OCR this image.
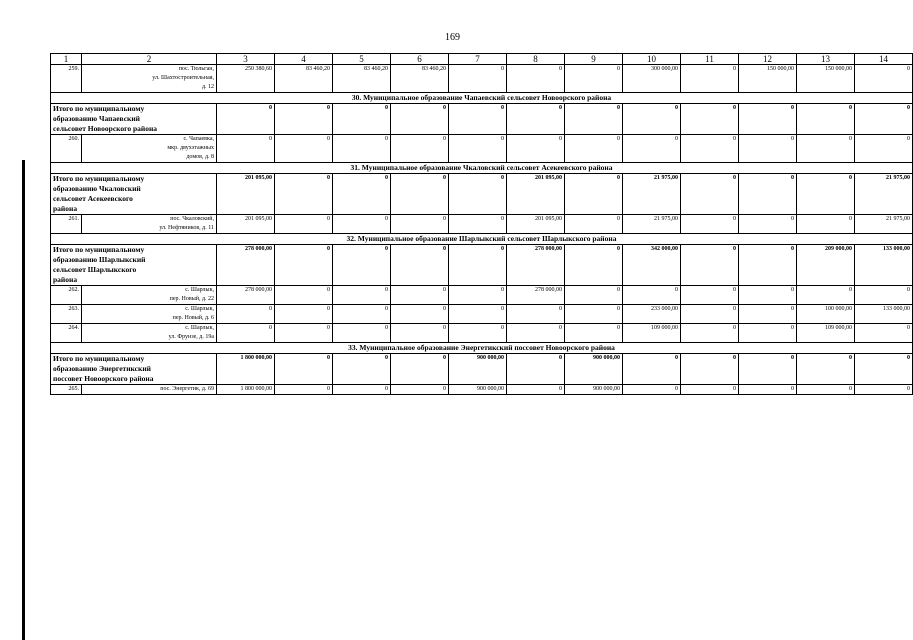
169
1	2	3	4	5	6	7	8	9	10	11	12	13	14
259.	пос. Тюльган,
ул. Шахтостроительная,
д. 12	250 380,60	83 460,20	83 460,20	83 460,20	0	0	0	300 000,00	0	150 000,00	150 000,00	0
30. Муниципальное образование Чапаевский сельсовет Новоорского района													
Итого по муниципальному
образованию Чапаевский
сельсовет Новоорского района		0	0	0	0	0	0	0	0	0	0	0	0
260.	с. Чапаевка,
мкр. двухэтажных
домов, д. 8	0	0	0	0	0	0	0	0	0	0	0	0
31. Муниципальное образование Чкаловский сельсовет Асекеевского района													
Итого по муниципальному
образованию Чкаловский
сельсовет Асекеевского
района		201 095,00	0	0	0	0	201 095,00	0	21 975,00	0	0	0	21 975,00
261.	пос. Чкаловский,
ул. Нефтяников, д. 11	201 095,00	0	0	0	0	201 095,00	0	21 975,00	0	0	0	21 975,00
32. Муниципальное образование Шарлыкский сельсовет Шарлыкского района													
Итого по муниципальному
образованию Шарлыкский
сельсовет Шарлыкского
района		278 000,00	0	0	0	0	278 000,00	0	342 000,00	0	0	209 000,00	133 000,00
262.	с. Шарлык,
пер. Новый, д. 22	278 000,00	0	0	0	0	278 000,00	0	0	0	0	0	0
263.	с. Шарлык,
пер. Новый, д. 6	0	0	0	0	0	0	0	233 000,00	0	0	100 000,00	133 000,00
264.	с. Шарлык,
ул. Фрунзе, д. 19а	0	0	0	0	0	0	0	109 000,00	0	0	109 000,00	0
33. Муниципальное образование Энергетикский поссовет Новоорского района													
Итого по муниципальному
образованию Энергетикский
поссовет Новоорского района		1 800 000,00	0	0	0	900 000,00	0	900 000,00	0	0	0	0	0
265.	пос. Энергетик, д. 69	1 800 000,00	0	0	0	900 000,00	0	900 000,00	0	0	0	0	0
